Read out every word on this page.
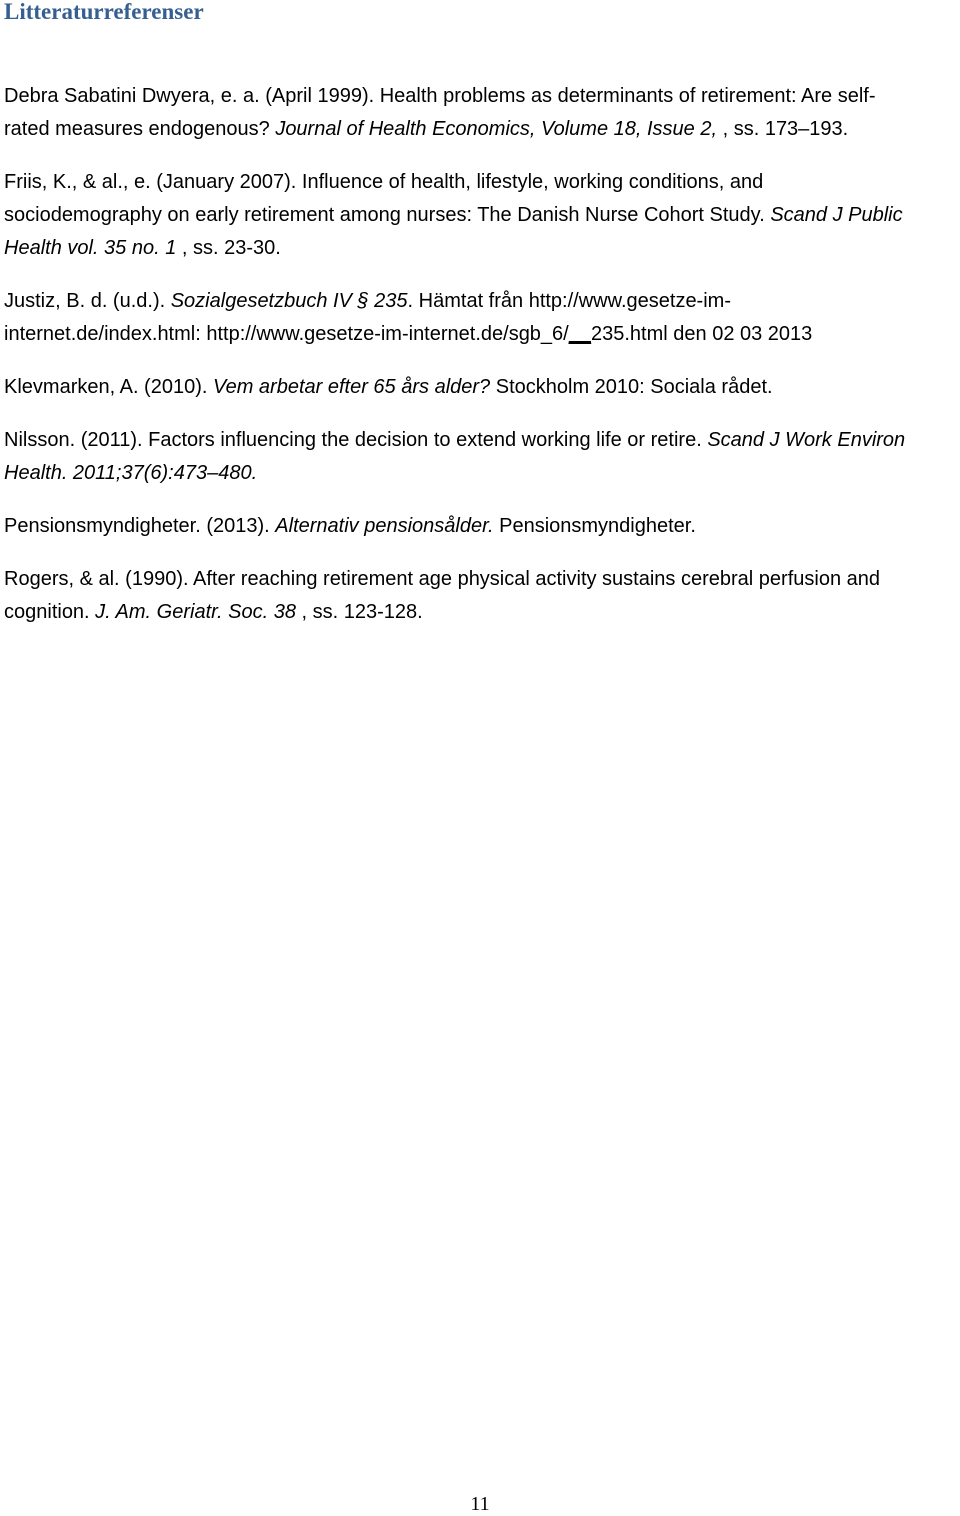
Litteraturreferenser
Debra Sabatini Dwyera, e. a. (April 1999). Health problems as determinants of retirement: Are self-
rated measures endogenous? Journal of Health Economics, Volume 18, Issue 2, , ss. 173–193.
Friis, K., & al., e. (January 2007). Influence of health, lifestyle, working conditions, and
sociodemography on early retirement among nurses: The Danish Nurse Cohort Study. Scand J Public
Health vol. 35 no. 1 , ss. 23-30.
Justiz, B. d. (u.d.). Sozialgesetzbuch IV § 235. Hämtat från http://www.gesetze-im-
internet.de/index.html: http://www.gesetze-im-internet.de/sgb_6/__235.html den 02 03 2013
Klevmarken, A. (2010). Vem arbetar efter 65 års alder? Stockholm 2010: Sociala rådet.
Nilsson. (2011). Factors influencing the decision to extend working life or retire. Scand J Work Environ
Health. 2011;37(6):473–480.
Pensionsmyndigheter. (2013). Alternativ pensionsålder. Pensionsmyndigheter.
Rogers, & al. (1990). After reaching retirement age physical activity sustains cerebral perfusion and
cognition. J. Am. Geriatr. Soc. 38 , ss. 123-128.
11
